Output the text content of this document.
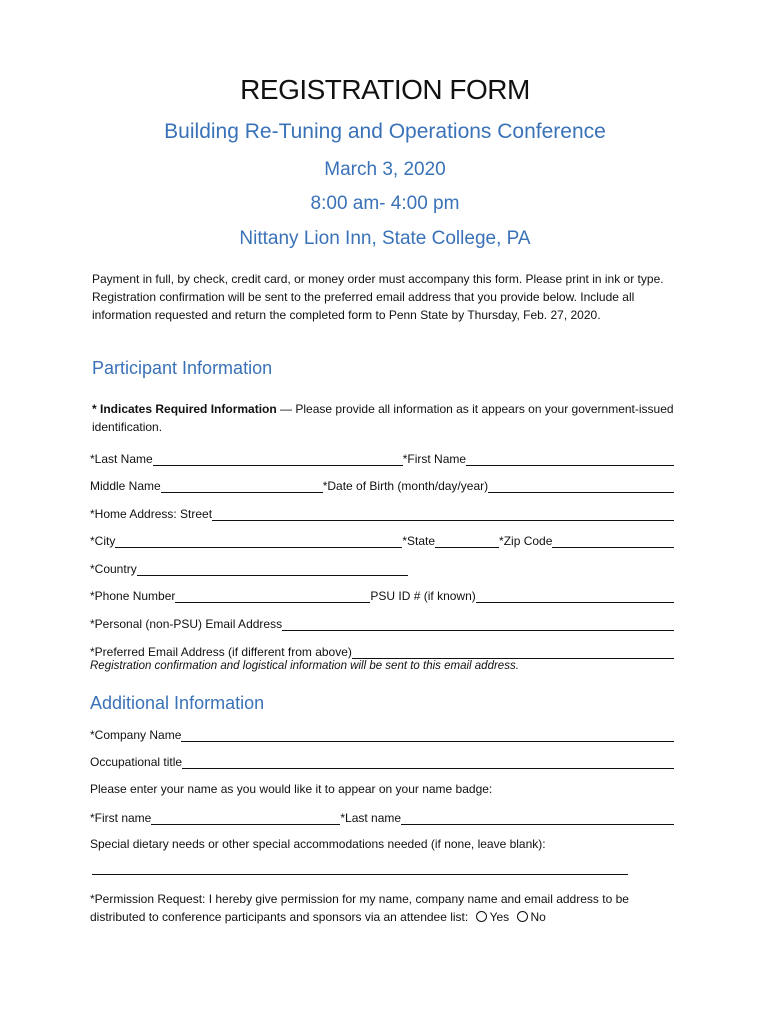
REGISTRATION FORM
Building Re-Tuning and Operations Conference
March 3, 2020
8:00 am- 4:00 pm
Nittany Lion Inn, State College, PA
Payment in full, by check, credit card, or money order must accompany this form. Please print in ink or type. Registration confirmation will be sent to the preferred email address that you provide below. Include all information requested and return the completed form to Penn State by Thursday, Feb. 27, 2020.
Participant Information
* Indicates Required Information — Please provide all information as it appears on your government-issued identification.
*Last Name	*First Name
Middle Name	*Date of Birth (month/day/year)
*Home Address: Street
*City	*State	*Zip Code
*Country
*Phone Number	PSU ID # (if known)
*Personal (non-PSU) Email Address
*Preferred Email Address (if different from above)
Registration confirmation and logistical information will be sent to this email address.
Additional Information
*Company Name
Occupational title
Please enter your name as you would like it to appear on your name badge:
*First name	*Last name
Special dietary needs or other special accommodations needed (if none, leave blank):
*Permission Request: I hereby give permission for my name, company name and email address to be distributed to conference participants and sponsors via an attendee list: Yes No
